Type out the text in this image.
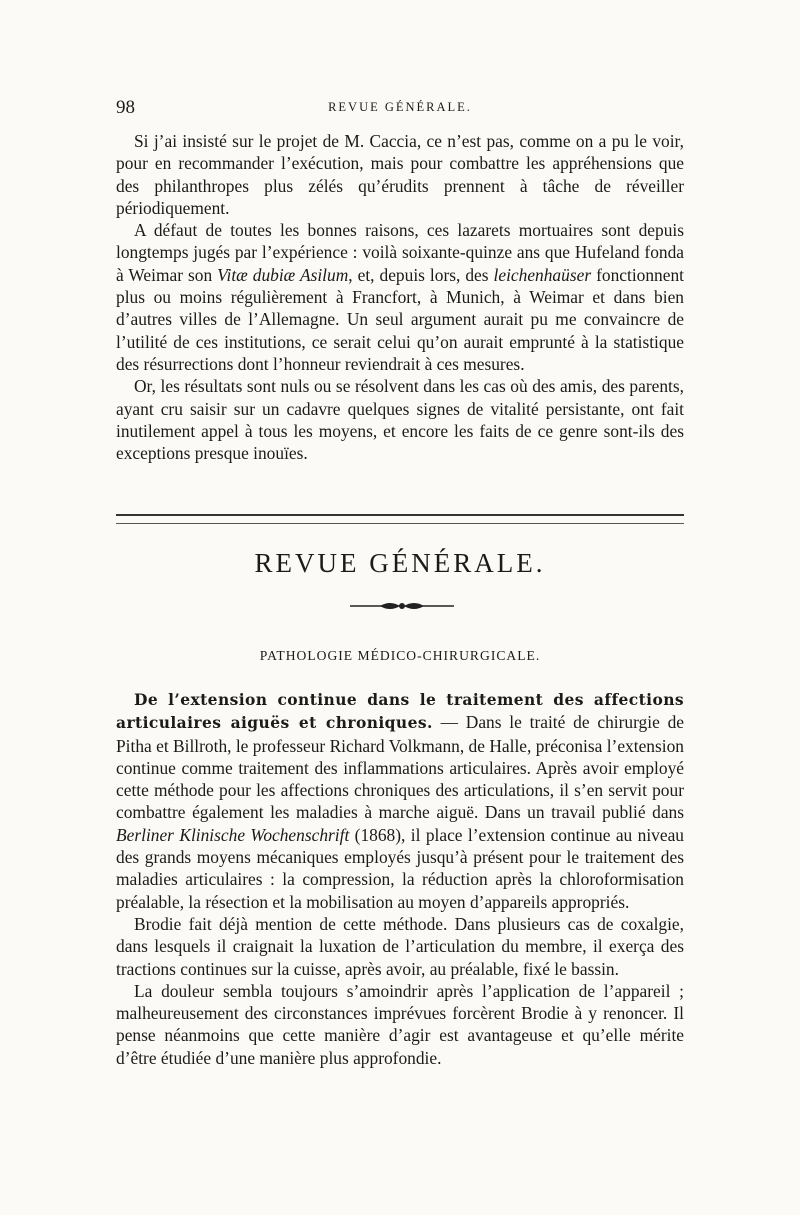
98	REVUE GÉNÉRALE.

Si j’ai insisté sur le projet de M. Caccia, ce n’est pas, comme on a pu le voir, pour en recommander l’exécution, mais pour combattre les appréhensions que des philanthropes plus zélés qu’érudits prennent à tâche de réveiller périodiquement.

A défaut de toutes les bonnes raisons, ces lazarets mortuaires sont depuis longtemps jugés par l’expérience : voilà soixante-quinze ans que Hufeland fonda à Weimar son Vitæ dubiæ Asilum, et, depuis lors, des leichenhaüser fonctionnent plus ou moins régulièrement à Francfort, à Munich, à Weimar et dans bien d’autres villes de l’Allemagne. Un seul argument aurait pu me convaincre de l’utilité de ces institutions, ce serait celui qu’on aurait emprunté à la statistique des résurrections dont l’honneur reviendrait à ces mesures.

Or, les résultats sont nuls ou se résolvent dans les cas où des amis, des parents, ayant cru saisir sur un cadavre quelques signes de vitalité persistante, ont fait inutilement appel à tous les moyens, et encore les faits de ce genre sont-ils des exceptions presque inouïes.

REVUE GÉNÉRALE.
PATHOLOGIE MÉDICO-CHIRURGICALE.

De l’extension continue dans le traitement des affections articulaires aiguës et chroniques. — Dans le traité de chirurgie de Pitha et Billroth, le professeur Richard Volkmann, de Halle, préconisa l’extension continue comme traitement des inflammations articulaires. Après avoir employé cette méthode pour les affections chroniques des articulations, il s’en servit pour combattre également les maladies à marche aiguë. Dans un travail publié dans Berliner Klinische Wochenschrift (1868), il place l’extension continue au niveau des grands moyens mécaniques employés jusqu’à présent pour le traitement des maladies articulaires : la compression, la réduction après la chloroformisation préalable, la résection et la mobilisation au moyen d’appareils appropriés.

Brodie fait déjà mention de cette méthode. Dans plusieurs cas de coxalgie, dans lesquels il craignait la luxation de l’articulation du membre, il exerça des tractions continues sur la cuisse, après avoir, au préalable, fixé le bassin.

La douleur sembla toujours s’amoindrir après l’application de l’appareil ; malheureusement des circonstances imprévues forcèrent Brodie à y renoncer. Il pense néanmoins que cette manière d’agir est avantageuse et qu’elle mérite d’être étudiée d’une manière plus approfondie.
